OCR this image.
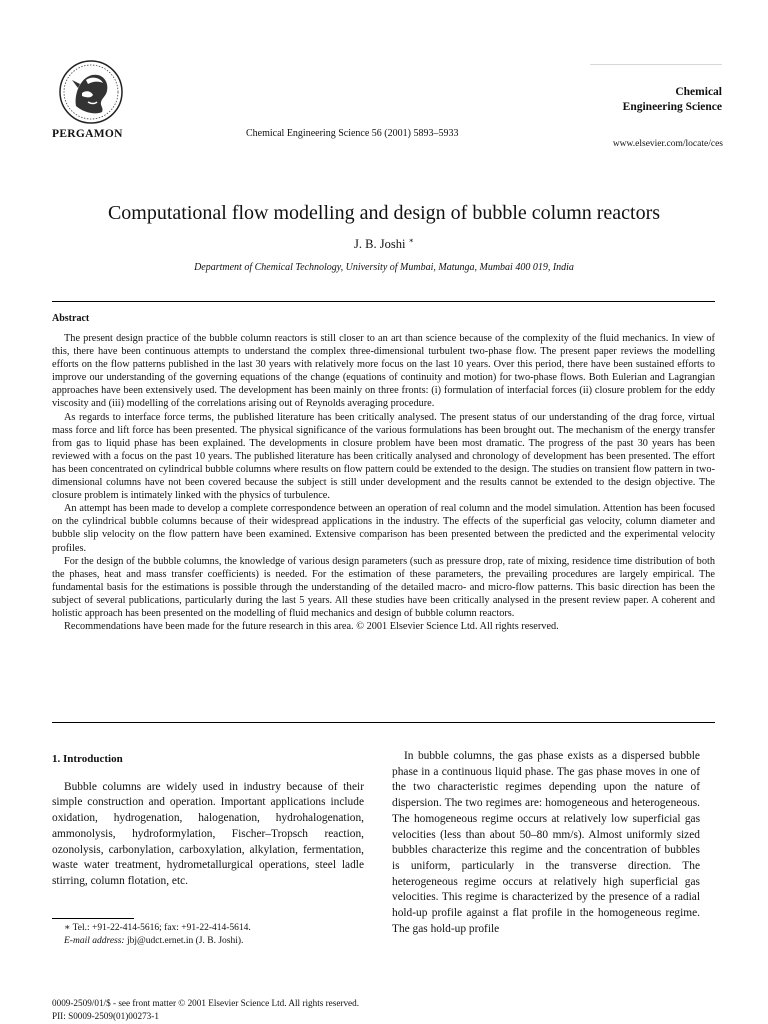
PERGAMON	Chemical Engineering Science 56 (2001) 5893–5933
Chemical
Engineering Science
www.elsevier.com/locate/ces
Computational flow modelling and design of bubble column reactors
J. B. Joshi ∗
Department of Chemical Technology, University of Mumbai, Matunga, Mumbai 400 019, India
Abstract

The present design practice of the bubble column reactors is still closer to an art than science because of the complexity of the fluid mechanics. In view of this, there have been continuous attempts to understand the complex three-dimensional turbulent two-phase flow. The present paper reviews the modelling efforts on the flow patterns published in the last 30 years with relatively more focus on the last 10 years. Over this period, there have been sustained efforts to improve our understanding of the governing equations of the change (equations of continuity and motion) for two-phase flows. Both Eulerian and Lagrangian approaches have been extensively used. The development has been mainly on three fronts: (i) formulation of interfacial forces (ii) closure problem for the eddy viscosity and (iii) modelling of the correlations arising out of Reynolds averaging procedure.

As regards to interface force terms, the published literature has been critically analysed. The present status of our understanding of the drag force, virtual mass force and lift force has been presented. The physical significance of the various formulations has been brought out. The mechanism of the energy transfer from gas to liquid phase has been explained. The developments in closure problem have been most dramatic. The progress of the past 30 years has been reviewed with a focus on the past 10 years. The published literature has been critically analysed and chronology of development has been presented. The effort has been concentrated on cylindrical bubble columns where results on flow pattern could be extended to the design. The studies on transient flow pattern in two-dimensional columns have not been covered because the subject is still under development and the results cannot be extended to the design objective. The closure problem is intimately linked with the physics of turbulence.

An attempt has been made to develop a complete correspondence between an operation of real column and the model simulation. Attention has been focused on the cylindrical bubble columns because of their widespread applications in the industry. The effects of the superficial gas velocity, column diameter and bubble slip velocity on the flow pattern have been examined. Extensive comparison has been presented between the predicted and the experimental velocity profiles.

For the design of the bubble columns, the knowledge of various design parameters (such as pressure drop, rate of mixing, residence time distribution of both the phases, heat and mass transfer coefficients) is needed. For the estimation of these parameters, the prevailing procedures are largely empirical. The fundamental basis for the estimations is possible through the understanding of the detailed macro- and micro-flow patterns. This basic direction has been the subject of several publications, particularly during the last 5 years. All these studies have been critically analysed in the present review paper. A coherent and holistic approach has been presented on the modelling of fluid mechanics and design of bubble column reactors.

Recommendations have been made for the future research in this area. © 2001 Elsevier Science Ltd. All rights reserved.

1. Introduction

Bubble columns are widely used in industry because of their simple construction and operation. Important applications include oxidation, hydrogenation, halogenation, hydrohalogenation, ammonolysis, hydroformylation, Fischer–Tropsch reaction, ozonolysis, carbonylation, carboxylation, alkylation, fermentation, waste water treatment, hydrometallurgical operations, steel ladle stirring, column flotation, etc.

In bubble columns, the gas phase exists as a dispersed bubble phase in a continuous liquid phase. The gas phase moves in one of the two characteristic regimes depending upon the nature of dispersion. The two regimes are: homogeneous and heterogeneous. The homogeneous regime occurs at relatively low superficial gas velocities (less than about 50–80 mm/s). Almost uniformly sized bubbles characterize this regime and the concentration of bubbles is uniform, particularly in the transverse direction. The heterogeneous regime occurs at relatively high superficial gas velocities. This regime is characterized by the presence of a radial hold-up profile against a flat profile in the homogeneous regime. The gas hold-up profile

∗ Tel.: +91-22-414-5616; fax: +91-22-414-5614.
E-mail address: jbj@udct.ernet.in (J. B. Joshi).
0009-2509/01/$ - see front matter © 2001 Elsevier Science Ltd. All rights reserved.
PII: S0009-2509(01)00273-1
